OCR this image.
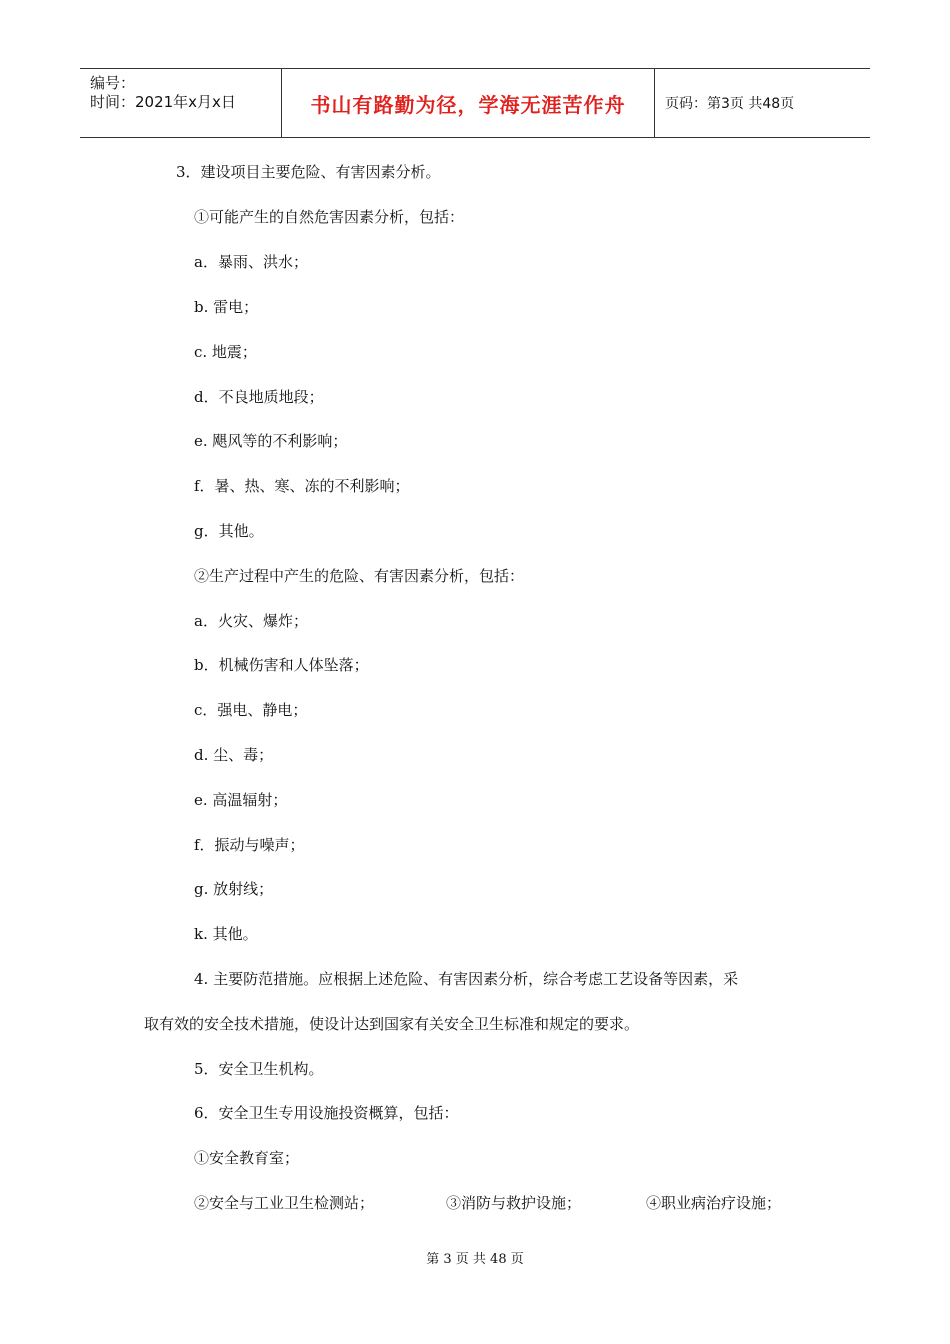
编号：
时间：2021年x月x日	书山有路勤为径，学海无涯苦作舟	页码：第3页 共48页
3．建设项目主要危险、有害因素分析。
①可能产生的自然危害因素分析，包括：
a．暴雨、洪水；
b. 雷电；
c. 地震；
d．不良地质地段；
e. 飓风等的不利影响；
f．暑、热、寒、冻的不利影响；
g．其他。
②生产过程中产生的危险、有害因素分析，包括：
a．火灾、爆炸；
b．机械伤害和人体坠落；
c．强电、静电；
d. 尘、毒；
e. 高温辐射；
f．振动与噪声；
g. 放射线；
k. 其他。
4. 主要防范措施。应根据上述危险、有害因素分析，综合考虑工艺设备等因素，采
取有效的安全技术措施，使设计达到国家有关安全卫生标准和规定的要求。
5．安全卫生机构。
6．安全卫生专用设施投资概算，包括：
①安全教育室；
②安全与工业卫生检测站；	③消防与救护设施；	④职业病治疗设施；
第 3 页 共 48 页
